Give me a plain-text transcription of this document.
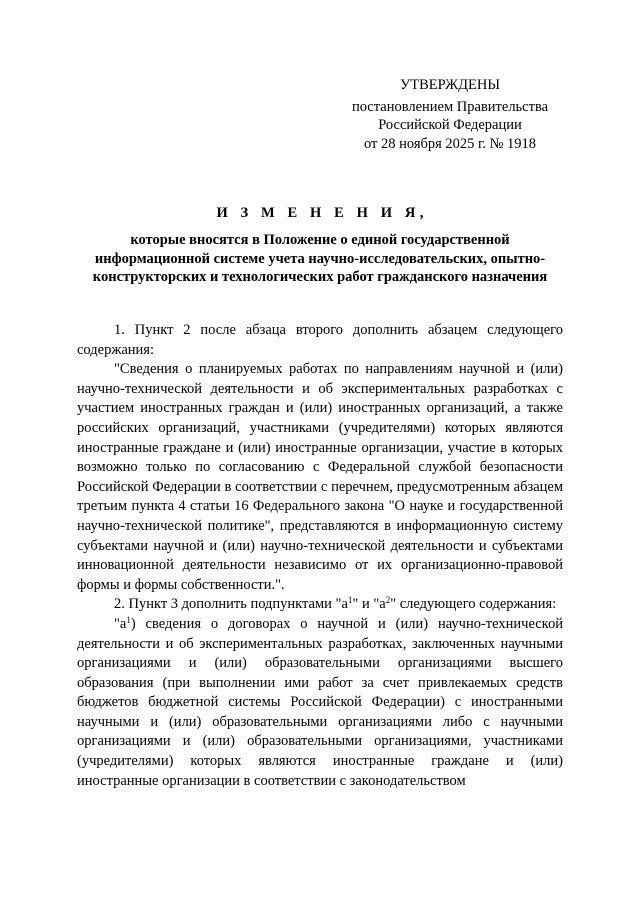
УТВЕРЖДЕНЫ
постановлением Правительства
Российской Федерации
от 28 ноября 2025 г. № 1918
И З М Е Н Е Н И Я,
которые вносятся в Положение о единой государственной информационной системе учета научно-исследовательских, опытно-конструкторских и технологических работ гражданского назначения

1. Пункт 2 после абзаца второго дополнить абзацем следующего содержания:

"Сведения о планируемых работах по направлениям научной и (или) научно-технической деятельности и об экспериментальных разработках с участием иностранных граждан и (или) иностранных организаций, а также российских организаций, участниками (учредителями) которых являются иностранные граждане и (или) иностранные организации, участие в которых возможно только по согласованию с Федеральной службой безопасности Российской Федерации в соответствии с перечнем, предусмотренным абзацем третьим пункта 4 статьи 16 Федерального закона "О науке и государственной научно-технической политике", представляются в информационную систему субъектами научной и (или) научно-технической деятельности и субъектами инновационной деятельности независимо от их организационно-правовой формы и формы собственности.".

2. Пункт 3 дополнить подпунктами "$а^1$" и "$а^2$" следующего содержания:

"$а^1$) сведения о договорах о научной и (или) научно-технической деятельности и об экспериментальных разработках, заключенных научными организациями и (или) образовательными организациями высшего образования (при выполнении ими работ за счет привлекаемых средств бюджетов бюджетной системы Российской Федерации) с иностранными научными и (или) образовательными организациями либо с научными организациями и (или) образовательными организациями, участниками (учредителями) которых являются иностранные граждане и (или) иностранные организации в соответствии с законодательством
